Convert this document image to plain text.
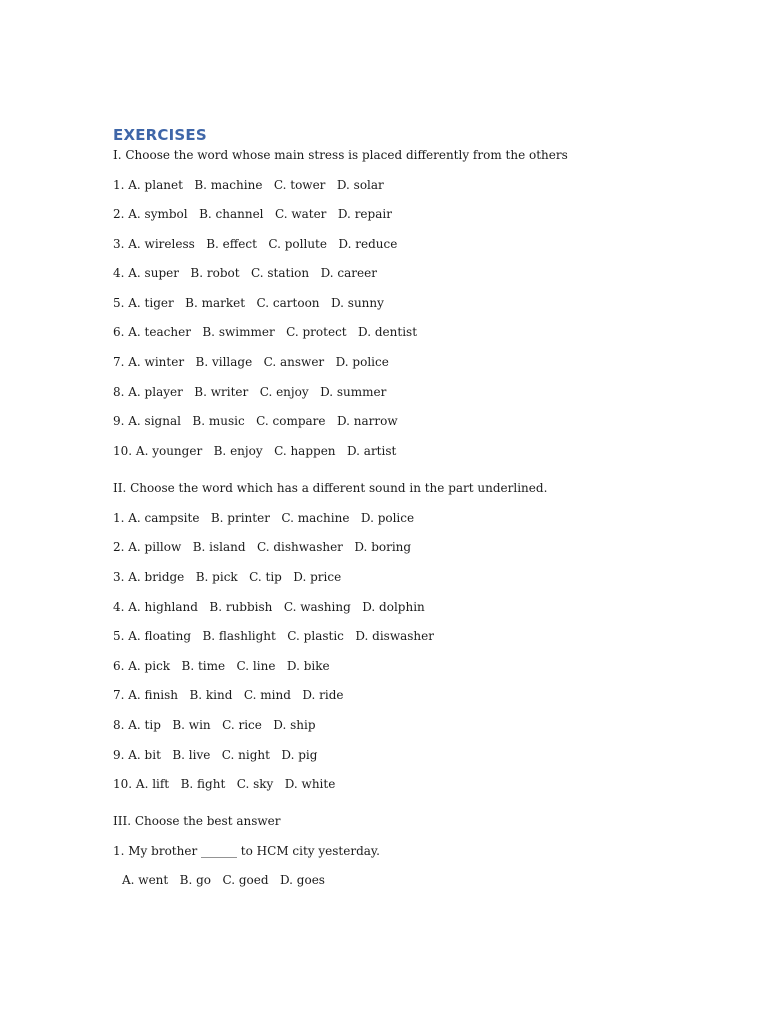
EXERCISES
I. Choose the word whose main stress is placed differently from the others
1. A. planet   B. machine   C. tower   D. solar
2. A. symbol   B. channel   C. water   D. repair
3. A. wireless   B. effect   C. pollute   D. reduce
4. A. super   B. robot   C. station   D. career
5. A. tiger   B. market   C. cartoon   D. sunny
6. A. teacher   B. swimmer   C. protect   D. dentist
7. A. winter   B. village   C. answer   D. police
8. A. player   B. writer   C. enjoy   D. summer
9. A. signal   B. music   C. compare   D. narrow
10. A. younger   B. enjoy   C. happen   D. artist
II. Choose the word which has a different sound in the part underlined.
1. A. campsite   B. printer   C. machine   D. police
2. A. pillow   B. island   C. dishwasher   D. boring
3. A. bridge   B. pick   C. tip   D. price
4. A. highland   B. rubbish   C. washing   D. dolphin
5. A. floating   B. flashlight   C. plastic   D. diswasher
6. A. pick   B. time   C. line   D. bike
7. A. finish   B. kind   C. mind   D. ride
8. A. tip   B. win   C. rice   D. ship
9. A. bit   B. live   C. night   D. pig
10. A. lift   B. fight   C. sky   D. white
III. Choose the best answer
1. My brother ______ to HCM city yesterday.
A. went   B. go   C. goed   D. goes
